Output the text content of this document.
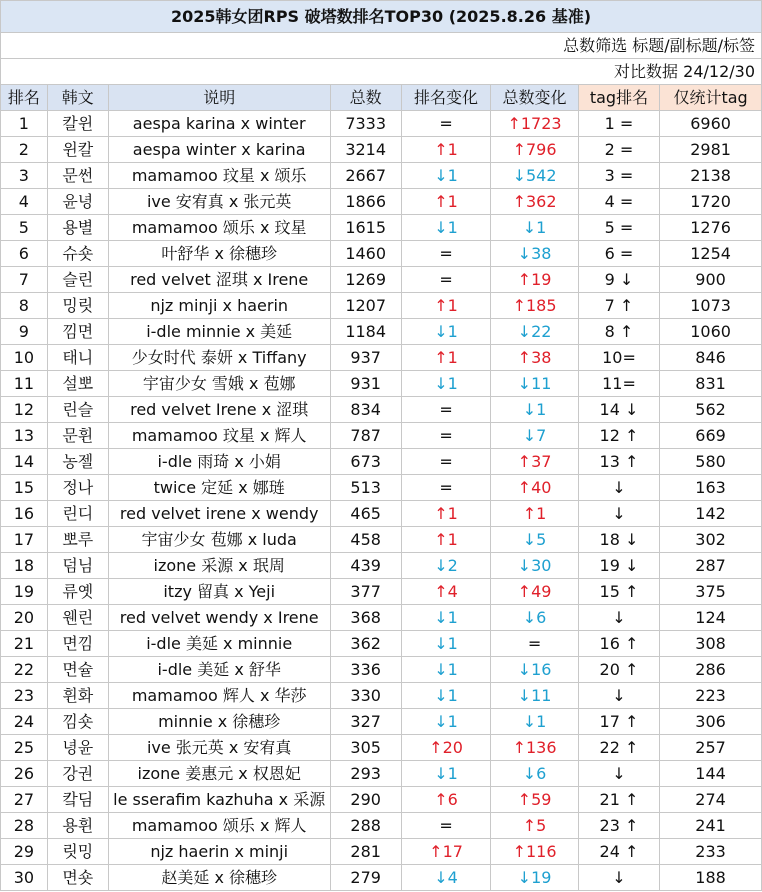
2025韩女团RPS 破塔数排名TOP30 (2025.8.26 基准)							
总数筛选 标题/副标题/标签							
对比数据 24/12/30							
排名	韩文	说明	总数	排名变化	总数变化	tag排名	仅统计tag
1	칼윈	aespa karina x winter	7333	=	↑1723	1 =	6960
2	윈칼	aespa winter x karina	3214	↑1	↑796	2 =	2981
3	문썬	mamamoo 玟星 x 颂乐	2667	↓1	↓542	3 =	2138
4	윤녕	ive 安宥真 x 张元英	1866	↑1	↑362	4 =	1720
5	용별	mamamoo 颂乐 x 玟星	1615	↓1	↓1	5 =	1276
6	슈숏	叶舒华 x 徐穗珍	1460	=	↓38	6 =	1254
7	슬린	red velvet 涩琪 x Irene	1269	=	↑19	9 ↓	900
8	밍릿	njz minji x haerin	1207	↑1	↑185	7 ↑	1073
9	낌면	i-dle minnie x 美延	1184	↓1	↓22	8 ↑	1060
10	태니	少女时代 泰妍 x Tiffany	937	↑1	↑38	10=	846
11	설뽀	宇宙少女 雪娥 x 苞娜	931	↓1	↓11	11=	831
12	린슬	red velvet Irene x 涩琪	834	=	↓1	14 ↓	562
13	문휜	mamamoo 玟星 x 辉人	787	=	↓7	12 ↑	669
14	농젤	i-dle 雨琦 x 小娟	673	=	↑37	13 ↑	580
15	정나	twice 定延 x 娜琏	513	=	↑40	↓	163
16	린디	red velvet irene x wendy	465	↑1	↑1	↓	142
17	뽀루	宇宙少女 苞娜 x luda	458	↑1	↓5	18 ↓	302
18	덤님	izone 采源 x 珉周	439	↓2	↓30	19 ↓	287
19	류옛	itzy 留真 x Yeji	377	↑4	↑49	15 ↑	375
20	웬린	red velvet wendy x Irene	368	↓1	↓6	↓	124
21	면낌	i-dle 美延 x minnie	362	↓1	=	16 ↑	308
22	면슐	i-dle 美延 x 舒华	336	↓1	↓16	20 ↑	286
23	휜화	mamamoo 辉人 x 华莎	330	↓1	↓11	↓	223
24	낌숏	minnie x 徐穗珍	327	↓1	↓1	17 ↑	306
25	녕윤	ive 张元英 x 安宥真	305	↑20	↑136	22 ↑	257
26	강권	izone 姜惠元 x 权恩妃	293	↓1	↓6	↓	144
27	캌딤	le sserafim kazhuha x 采源	290	↑6	↑59	21 ↑	274
28	용휜	mamamoo 颂乐 x 辉人	288	=	↑5	23 ↑	241
29	릿밍	njz haerin x minji	281	↑17	↑116	24 ↑	233
30	면숏	赵美延 x 徐穗珍	279	↓4	↓19	↓	188
